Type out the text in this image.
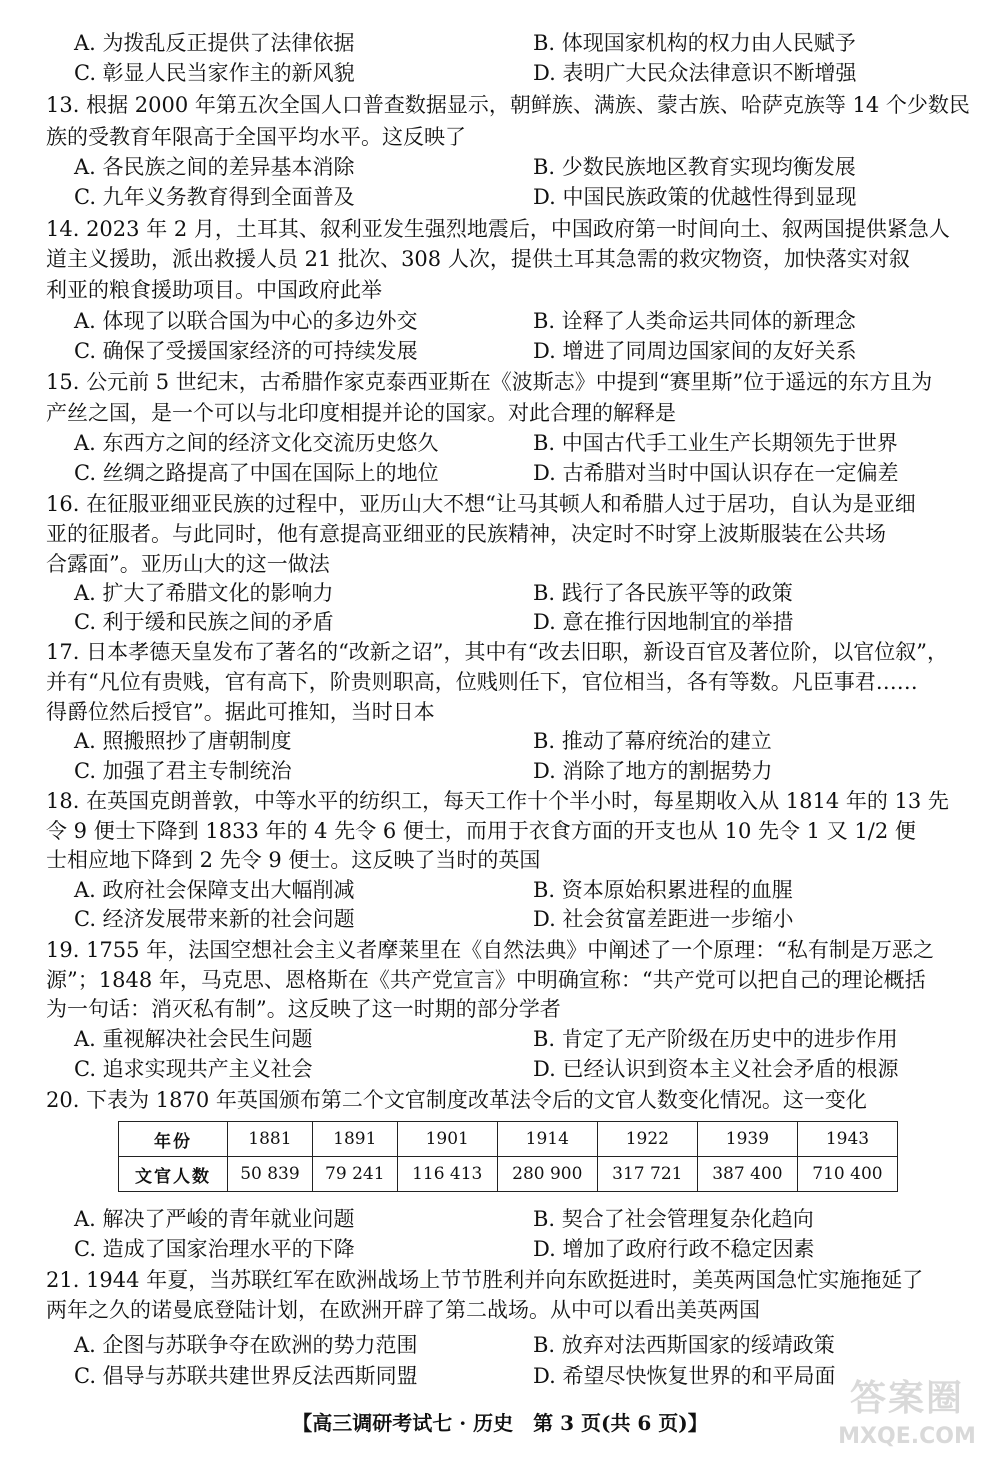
A. 为拨乱反正提供了法律依据	B. 体现国家机构的权力由人民赋予
C. 彰显人民当家作主的新风貌	D. 表明广大民众法律意识不断增强
13. 根据 2000 年第五次全国人口普查数据显示，朝鲜族、满族、蒙古族、哈萨克族等 14 个少数民
族的受教育年限高于全国平均水平。这反映了
A. 各民族之间的差异基本消除	B. 少数民族地区教育实现均衡发展
C. 九年义务教育得到全面普及	D. 中国民族政策的优越性得到显现
14. 2023 年 2 月，土耳其、叙利亚发生强烈地震后，中国政府第一时间向土、叙两国提供紧急人
道主义援助，派出救援人员 21 批次、308 人次，提供土耳其急需的救灾物资，加快落实对叙
利亚的粮食援助项目。中国政府此举
A. 体现了以联合国为中心的多边外交	B. 诠释了人类命运共同体的新理念
C. 确保了受援国家经济的可持续发展	D. 增进了同周边国家间的友好关系
15. 公元前 5 世纪末，古希腊作家克泰西亚斯在《波斯志》中提到“赛里斯”位于遥远的东方且为
产丝之国，是一个可以与北印度相提并论的国家。对此合理的解释是
A. 东西方之间的经济文化交流历史悠久	B. 中国古代手工业生产长期领先于世界
C. 丝绸之路提高了中国在国际上的地位	D. 古希腊对当时中国认识存在一定偏差
16. 在征服亚细亚民族的过程中，亚历山大不想“让马其顿人和希腊人过于居功，自认为是亚细
亚的征服者。与此同时，他有意提高亚细亚的民族精神，决定时不时穿上波斯服装在公共场
合露面”。亚历山大的这一做法
A. 扩大了希腊文化的影响力	B. 践行了各民族平等的政策
C. 利于缓和民族之间的矛盾	D. 意在推行因地制宜的举措
17. 日本孝德天皇发布了著名的“改新之诏”，其中有“改去旧职，新设百官及著位阶，以官位叙”，
并有“凡位有贵贱，官有高下，阶贵则职高，位贱则任下，官位相当，各有等数。凡臣事君……
得爵位然后授官”。据此可推知，当时日本
A. 照搬照抄了唐朝制度	B. 推动了幕府统治的建立
C. 加强了君主专制统治	D. 消除了地方的割据势力
18. 在英国克朗普敦，中等水平的纺织工，每天工作十个半小时，每星期收入从 1814 年的 13 先
令 9 便士下降到 1833 年的 4 先令 6 便士，而用于衣食方面的开支也从 10 先令 1 又 1/2 便
士相应地下降到 2 先令 9 便士。这反映了当时的英国
A. 政府社会保障支出大幅削减	B. 资本原始积累进程的血腥
C. 经济发展带来新的社会问题	D. 社会贫富差距进一步缩小
19. 1755 年，法国空想社会主义者摩莱里在《自然法典》中阐述了一个原理：“私有制是万恶之
源”；1848 年，马克思、恩格斯在《共产党宣言》中明确宣称：“共产党可以把自己的理论概括
为一句话：消灭私有制”。这反映了这一时期的部分学者
A. 重视解决社会民生问题	B. 肯定了无产阶级在历史中的进步作用
C. 追求实现共产主义社会	D. 已经认识到资本主义社会矛盾的根源
20. 下表为 1870 年英国颁布第二个文官制度改革法令后的文官人数变化情况。这一变化
年份	1881	1891	1901	1914	1922	1939	1943
文官人数	50 839	79 241	116 413	280 900	317 721	387 400	710 400
A. 解决了严峻的青年就业问题	B. 契合了社会管理复杂化趋向
C. 造成了国家治理水平的下降	D. 增加了政府行政不稳定因素
21. 1944 年夏，当苏联红军在欧洲战场上节节胜利并向东欧挺进时，美英两国急忙实施拖延了
两年之久的诺曼底登陆计划，在欧洲开辟了第二战场。从中可以看出美英两国
A. 企图与苏联争夺在欧洲的势力范围	B. 放弃对法西斯国家的绥靖政策
C. 倡导与苏联共建世界反法西斯同盟	D. 希望尽快恢复世界的和平局面
【高三调研考试七 · 历史　第 3 页(共 6 页)】
答案圈
MXQE.COM
